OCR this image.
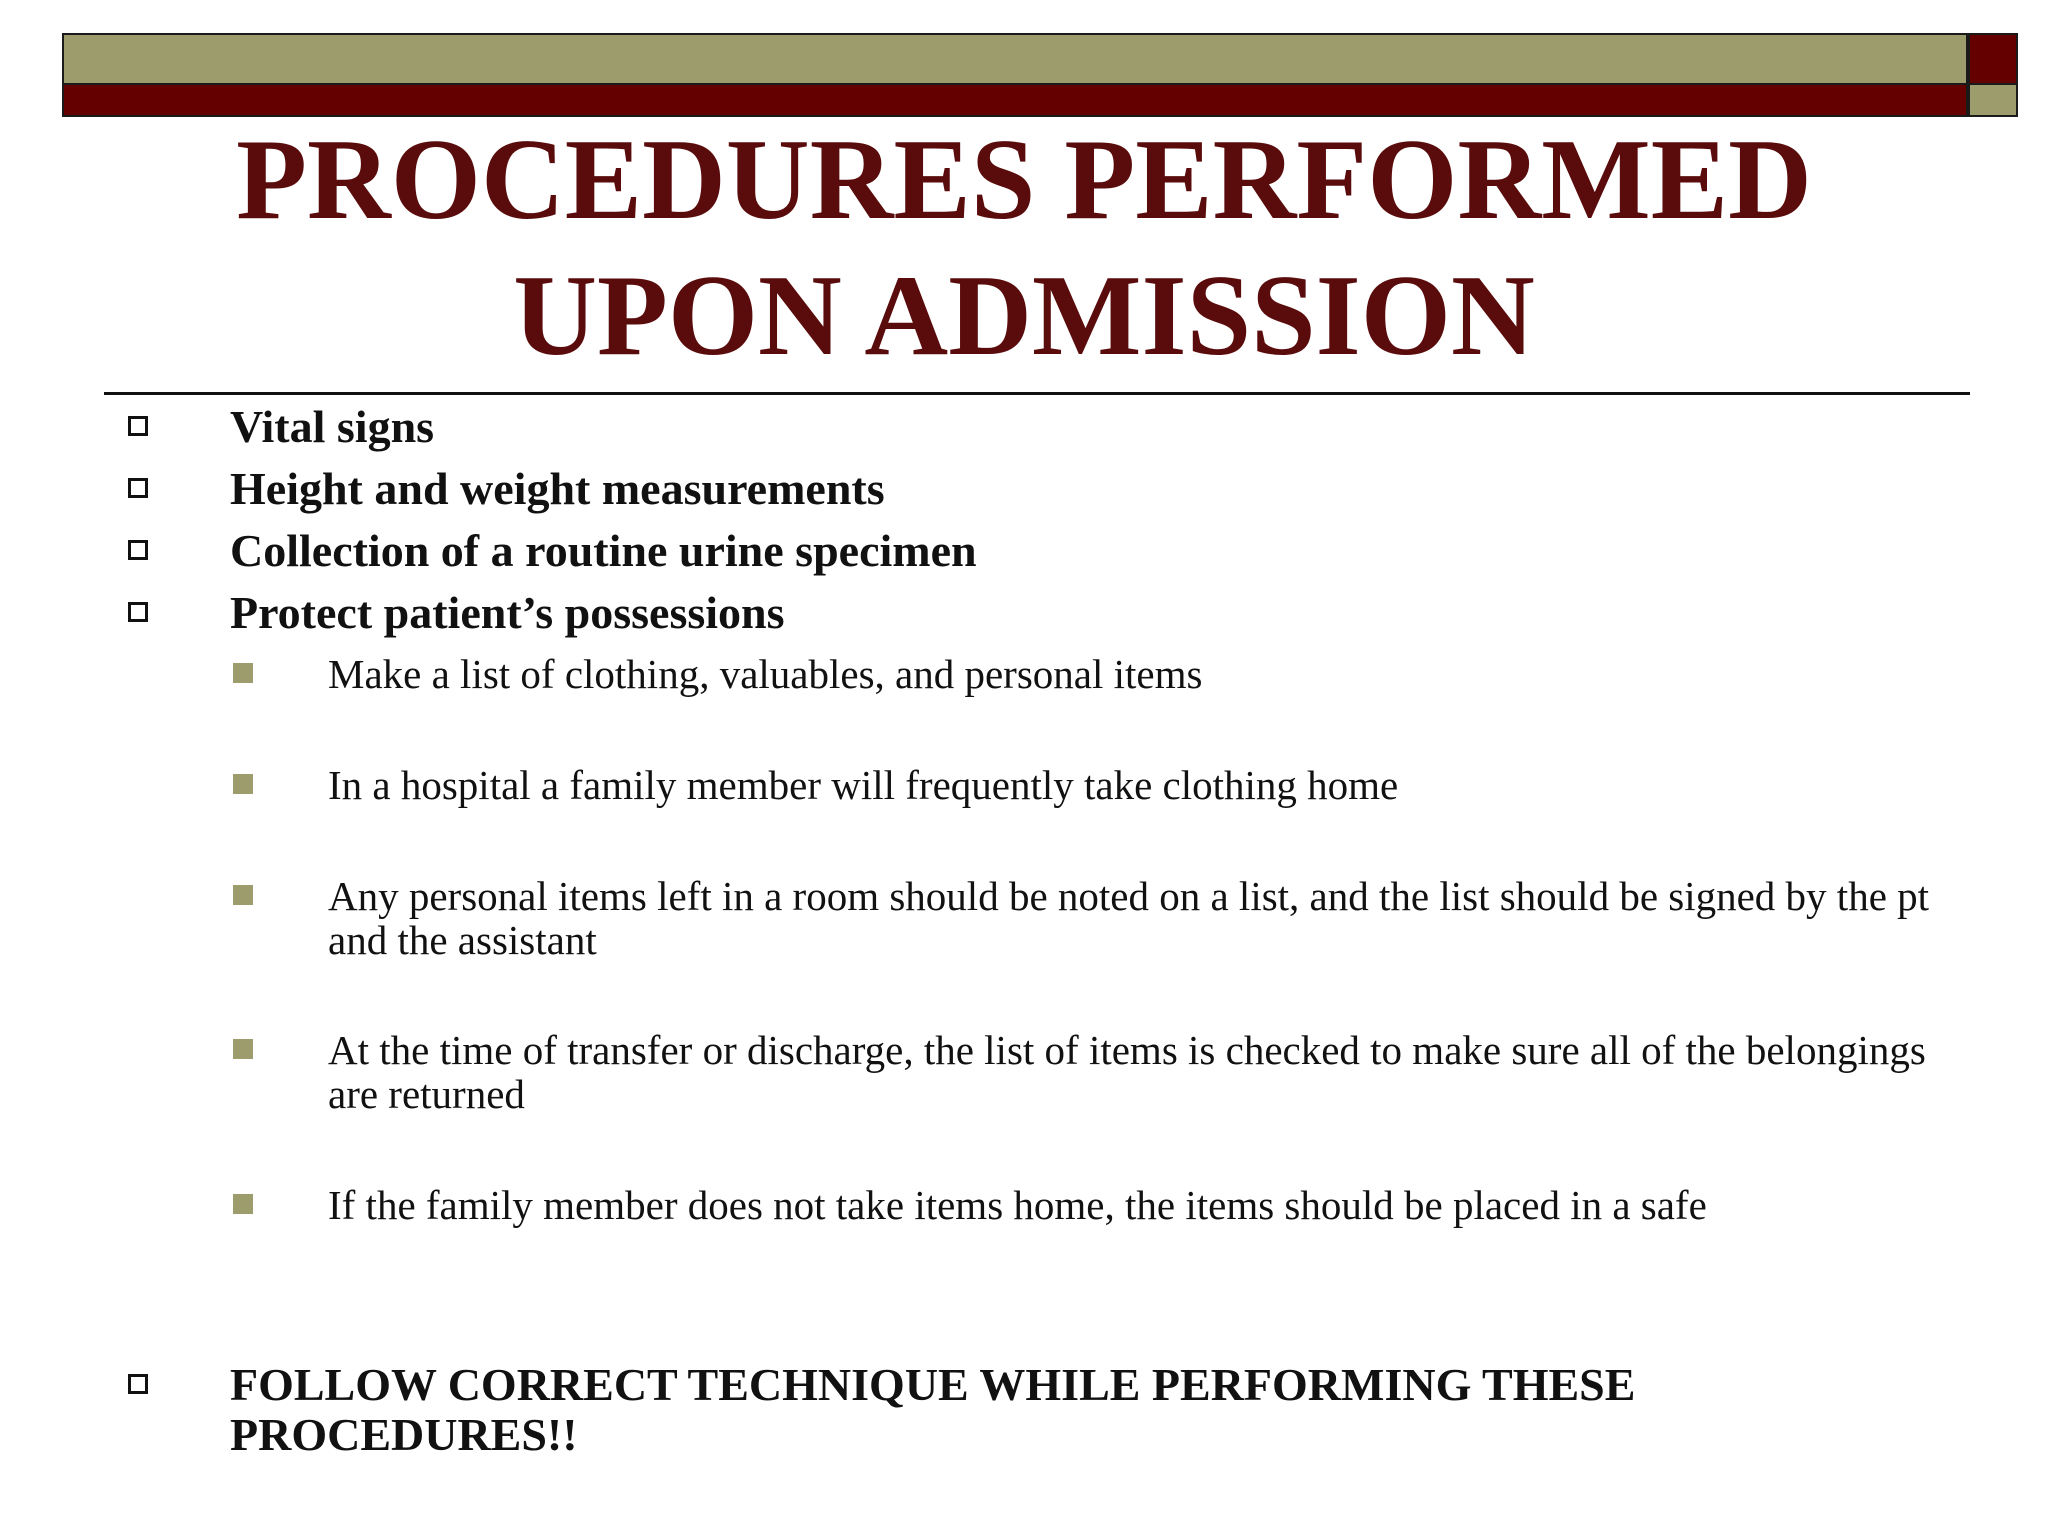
PROCEDURES PERFORMED
UPON ADMISSION
Vital signs
Height and weight measurements
Collection of a routine urine specimen
Protect patient’s possessions
Make a list of clothing, valuables, and personal items
In a hospital a family member will frequently take clothing home
Any personal items left in a room should be noted on a list, and the list should be signed by the pt and the assistant
At the time of transfer or discharge, the list of items is checked to make sure all of the belongings are returned
If the family member does not take items home, the items should be placed in a safe
FOLLOW CORRECT TECHNIQUE WHILE PERFORMING THESE PROCEDURES!!
